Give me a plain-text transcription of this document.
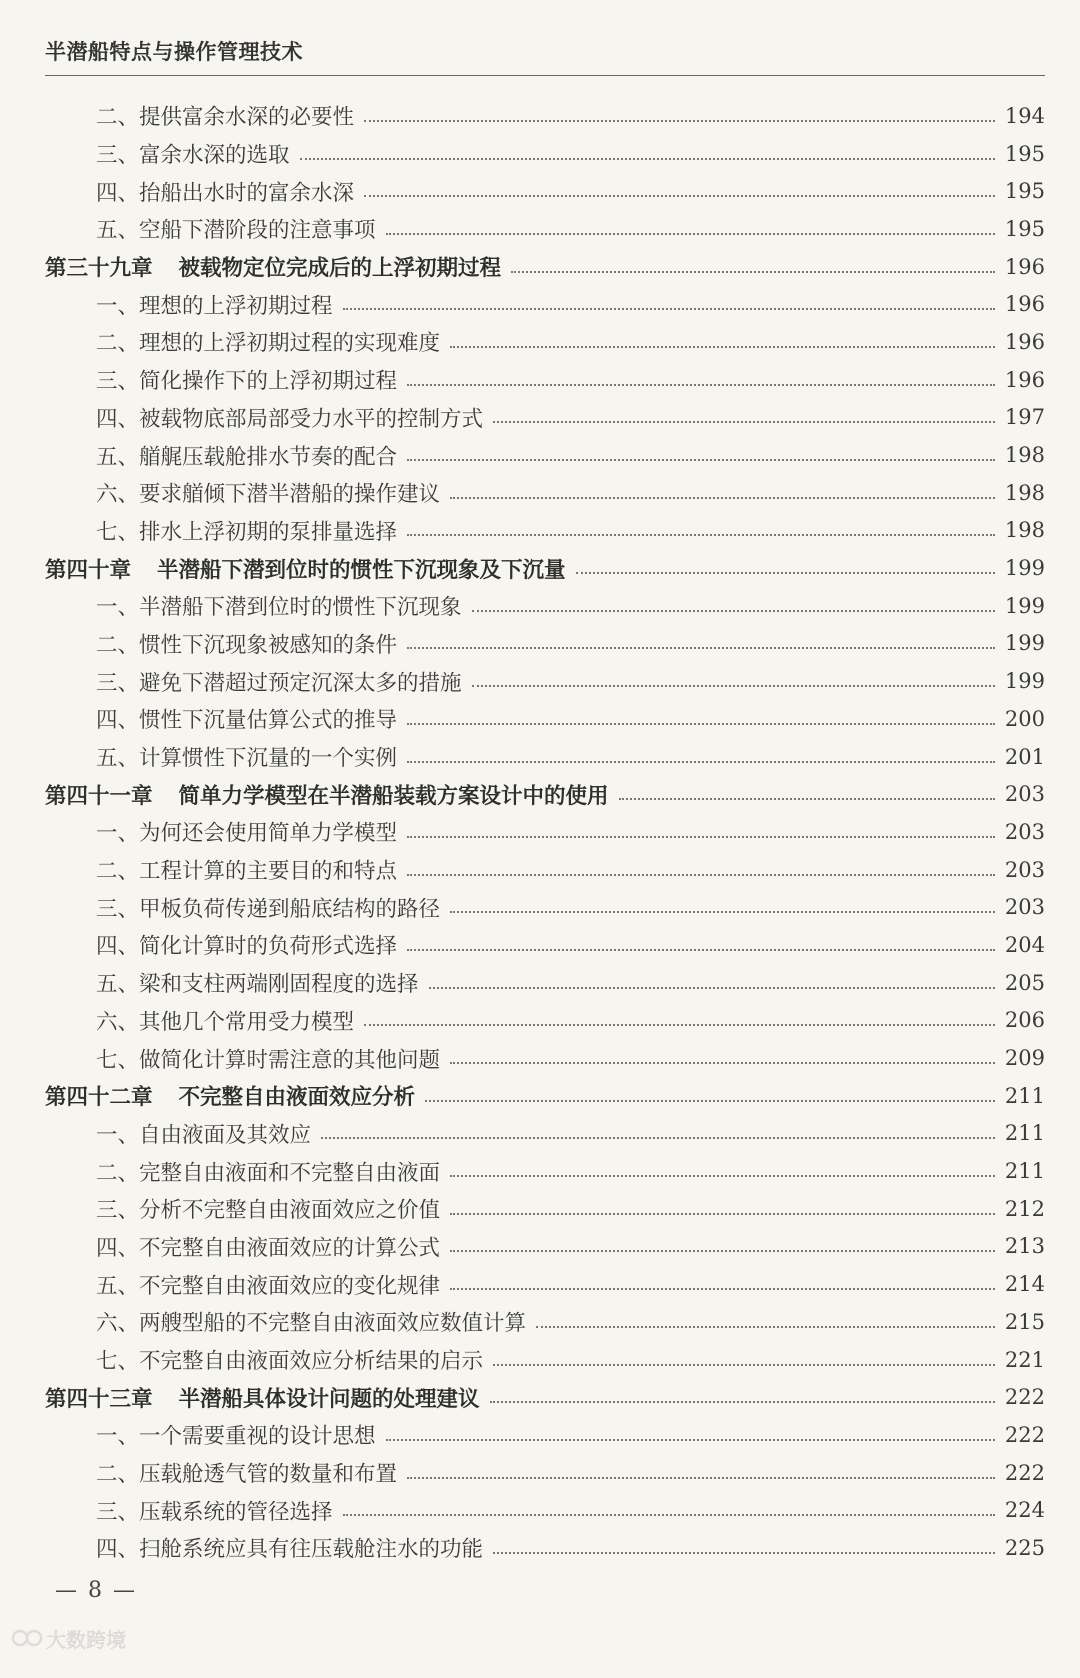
半潜船特点与操作管理技术
二、提供富余水深的必要性	194
三、富余水深的选取	195
四、抬船出水时的富余水深	195
五、空船下潜阶段的注意事项	195
第三十九章 被载物定位完成后的上浮初期过程	196
一、理想的上浮初期过程	196
二、理想的上浮初期过程的实现难度	196
三、简化操作下的上浮初期过程	196
四、被载物底部局部受力水平的控制方式	197
五、艏艉压载舱排水节奏的配合	198
六、要求艏倾下潜半潜船的操作建议	198
七、排水上浮初期的泵排量选择	198
第四十章 半潜船下潜到位时的惯性下沉现象及下沉量	199
一、半潜船下潜到位时的惯性下沉现象	199
二、惯性下沉现象被感知的条件	199
三、避免下潜超过预定沉深太多的措施	199
四、惯性下沉量估算公式的推导	200
五、计算惯性下沉量的一个实例	201
第四十一章 简单力学模型在半潜船装载方案设计中的使用	203
一、为何还会使用简单力学模型	203
二、工程计算的主要目的和特点	203
三、甲板负荷传递到船底结构的路径	203
四、简化计算时的负荷形式选择	204
五、梁和支柱两端刚固程度的选择	205
六、其他几个常用受力模型	206
七、做简化计算时需注意的其他问题	209
第四十二章 不完整自由液面效应分析	211
一、自由液面及其效应	211
二、完整自由液面和不完整自由液面	211
三、分析不完整自由液面效应之价值	212
四、不完整自由液面效应的计算公式	213
五、不完整自由液面效应的变化规律	214
六、两艘型船的不完整自由液面效应数值计算	215
七、不完整自由液面效应分析结果的启示	221
第四十三章 半潜船具体设计问题的处理建议	222
一、一个需要重视的设计思想	222
二、压载舱透气管的数量和布置	222
三、压载系统的管径选择	224
四、扫舱系统应具有往压载舱注水的功能	225
— 8 —
大数跨境
